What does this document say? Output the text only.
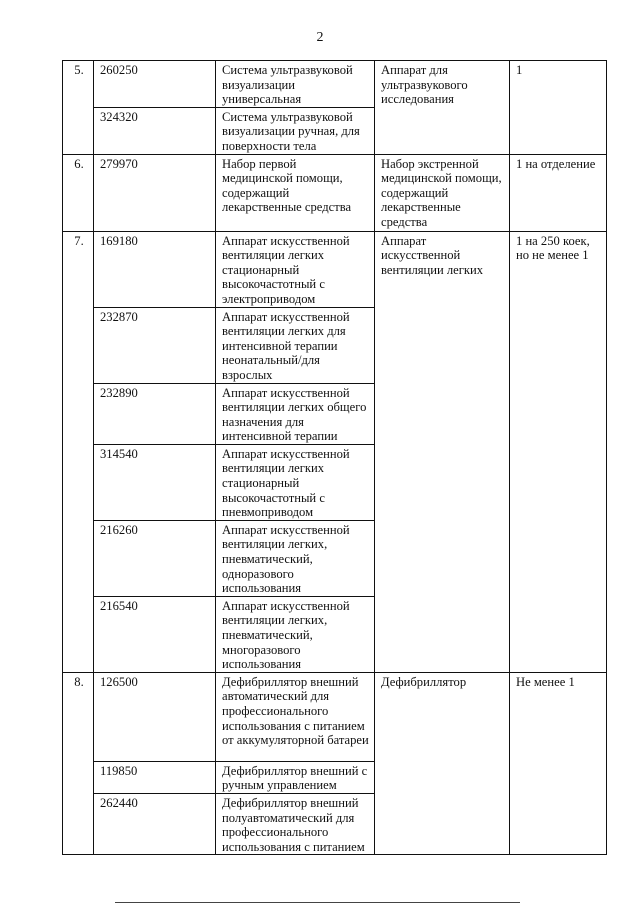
2
5.	260250	Система ультразвуковой визуализации универсальная	Аппарат для ультразвукового исследования	1
	324320	Система ультразвуковой визуализации ручная, для поверхности тела		
6.	279970	Набор первой медицинской помощи, содержащий лекарственные средства	Набор экстренной медицинской помощи, содержащий лекарственные средства	1 на отделение
7.	169180	Аппарат искусственной вентиляции легких стационарный высокочастотный с электроприводом	Аппарат искусственной вентиляции легких	1 на 250 коек, но не менее 1
	232870	Аппарат искусственной вентиляции легких для интенсивной терапии неонатальный/для взрослых		
	232890	Аппарат искусственной вентиляции легких общего назначения для интенсивной терапии		
	314540	Аппарат искусственной вентиляции легких стационарный высокочастотный с пневмоприводом		
	216260	Аппарат искусственной вентиляции легких, пневматический, одноразового использования		
	216540	Аппарат искусственной вентиляции легких, пневматический, многоразового использования		
8.	126500	Дефибриллятор внешний автоматический для профессионального использования с питанием от аккумуляторной батареи	Дефибриллятор	Не менее 1
	119850	Дефибриллятор внешний с ручным управлением		
	262440	Дефибриллятор внешний полуавтоматический для профессионального использования с питанием		
